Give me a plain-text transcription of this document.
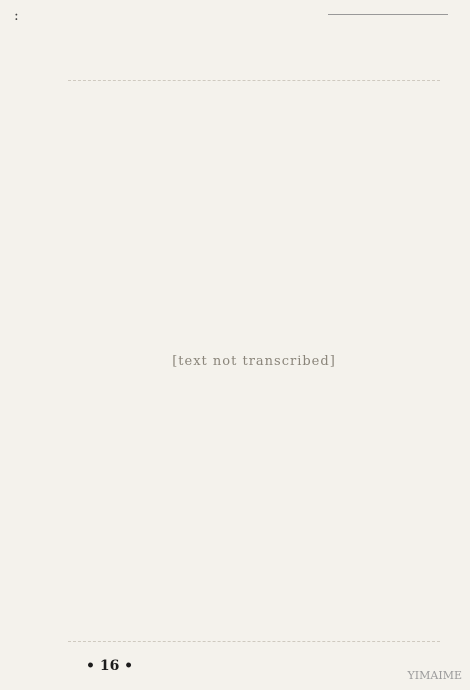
:
[text not transcribed]
• 16 •
YIMAIME
